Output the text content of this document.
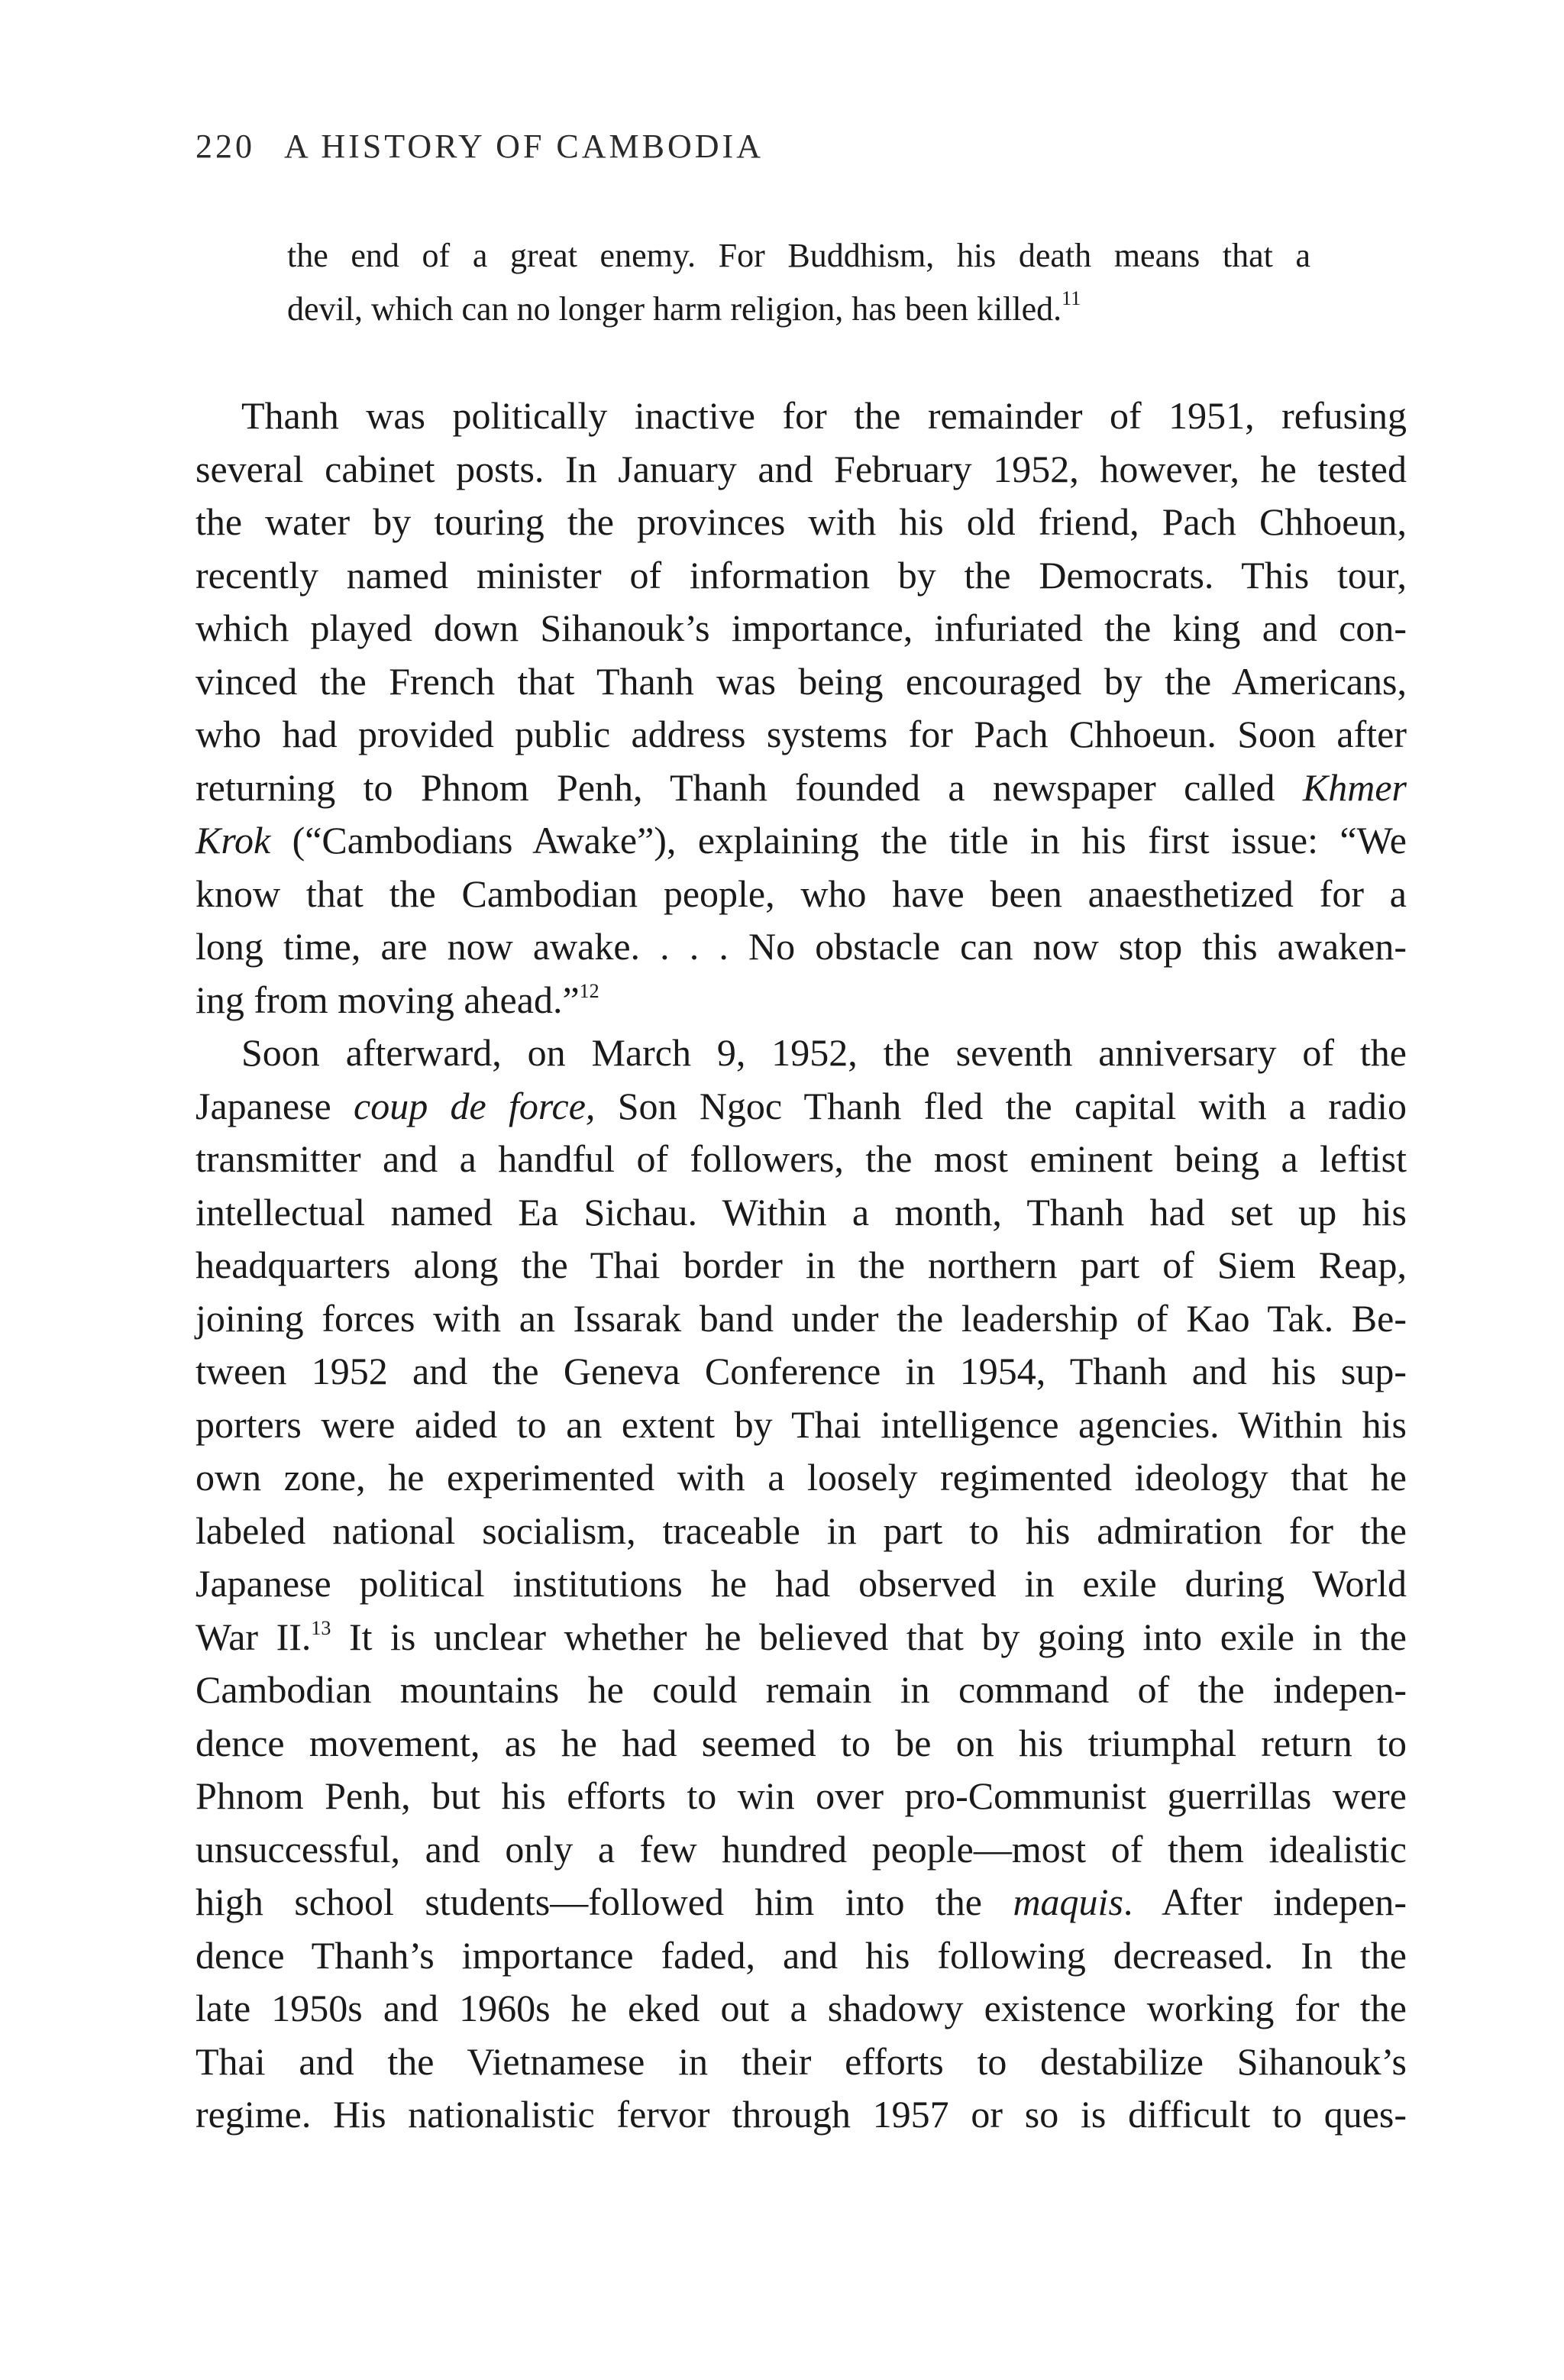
220 A HISTORY OF CAMBODIA
the end of a great enemy. For Buddhism, his death means that a
devil, which can no longer harm religion, has been killed.$^{11}$
Thanh was politically inactive for the remainder of 1951, refusing
several cabinet posts. In January and February 1952, however, he tested
the water by touring the provinces with his old friend, Pach Chhoeun,
recently named minister of information by the Democrats. This tour,
which played down Sihanouk’s importance, infuriated the king and con-
vinced the French that Thanh was being encouraged by the Americans,
who had provided public address systems for Pach Chhoeun. Soon after
returning to Phnom Penh, Thanh founded a newspaper called Khmer
Krok (“Cambodians Awake”), explaining the title in his first issue: “We
know that the Cambodian people, who have been anaesthetized for a
long time, are now awake. . . . No obstacle can now stop this awaken-
ing from moving ahead.”$^{12}$
Soon afterward, on March 9, 1952, the seventh anniversary of the
Japanese coup de force, Son Ngoc Thanh fled the capital with a radio
transmitter and a handful of followers, the most eminent being a leftist
intellectual named Ea Sichau. Within a month, Thanh had set up his
headquarters along the Thai border in the northern part of Siem Reap,
joining forces with an Issarak band under the leadership of Kao Tak. Be-
tween 1952 and the Geneva Conference in 1954, Thanh and his sup-
porters were aided to an extent by Thai intelligence agencies. Within his
own zone, he experimented with a loosely regimented ideology that he
labeled national socialism, traceable in part to his admiration for the
Japanese political institutions he had observed in exile during World
War II.$^{13}$ It is unclear whether he believed that by going into exile in the
Cambodian mountains he could remain in command of the indepen-
dence movement, as he had seemed to be on his triumphal return to
Phnom Penh, but his efforts to win over pro-Communist guerrillas were
unsuccessful, and only a few hundred people—most of them idealistic
high school students—followed him into the maquis. After indepen-
dence Thanh’s importance faded, and his following decreased. In the
late 1950s and 1960s he eked out a shadowy existence working for the
Thai and the Vietnamese in their efforts to destabilize Sihanouk’s
regime. His nationalistic fervor through 1957 or so is difficult to ques-
